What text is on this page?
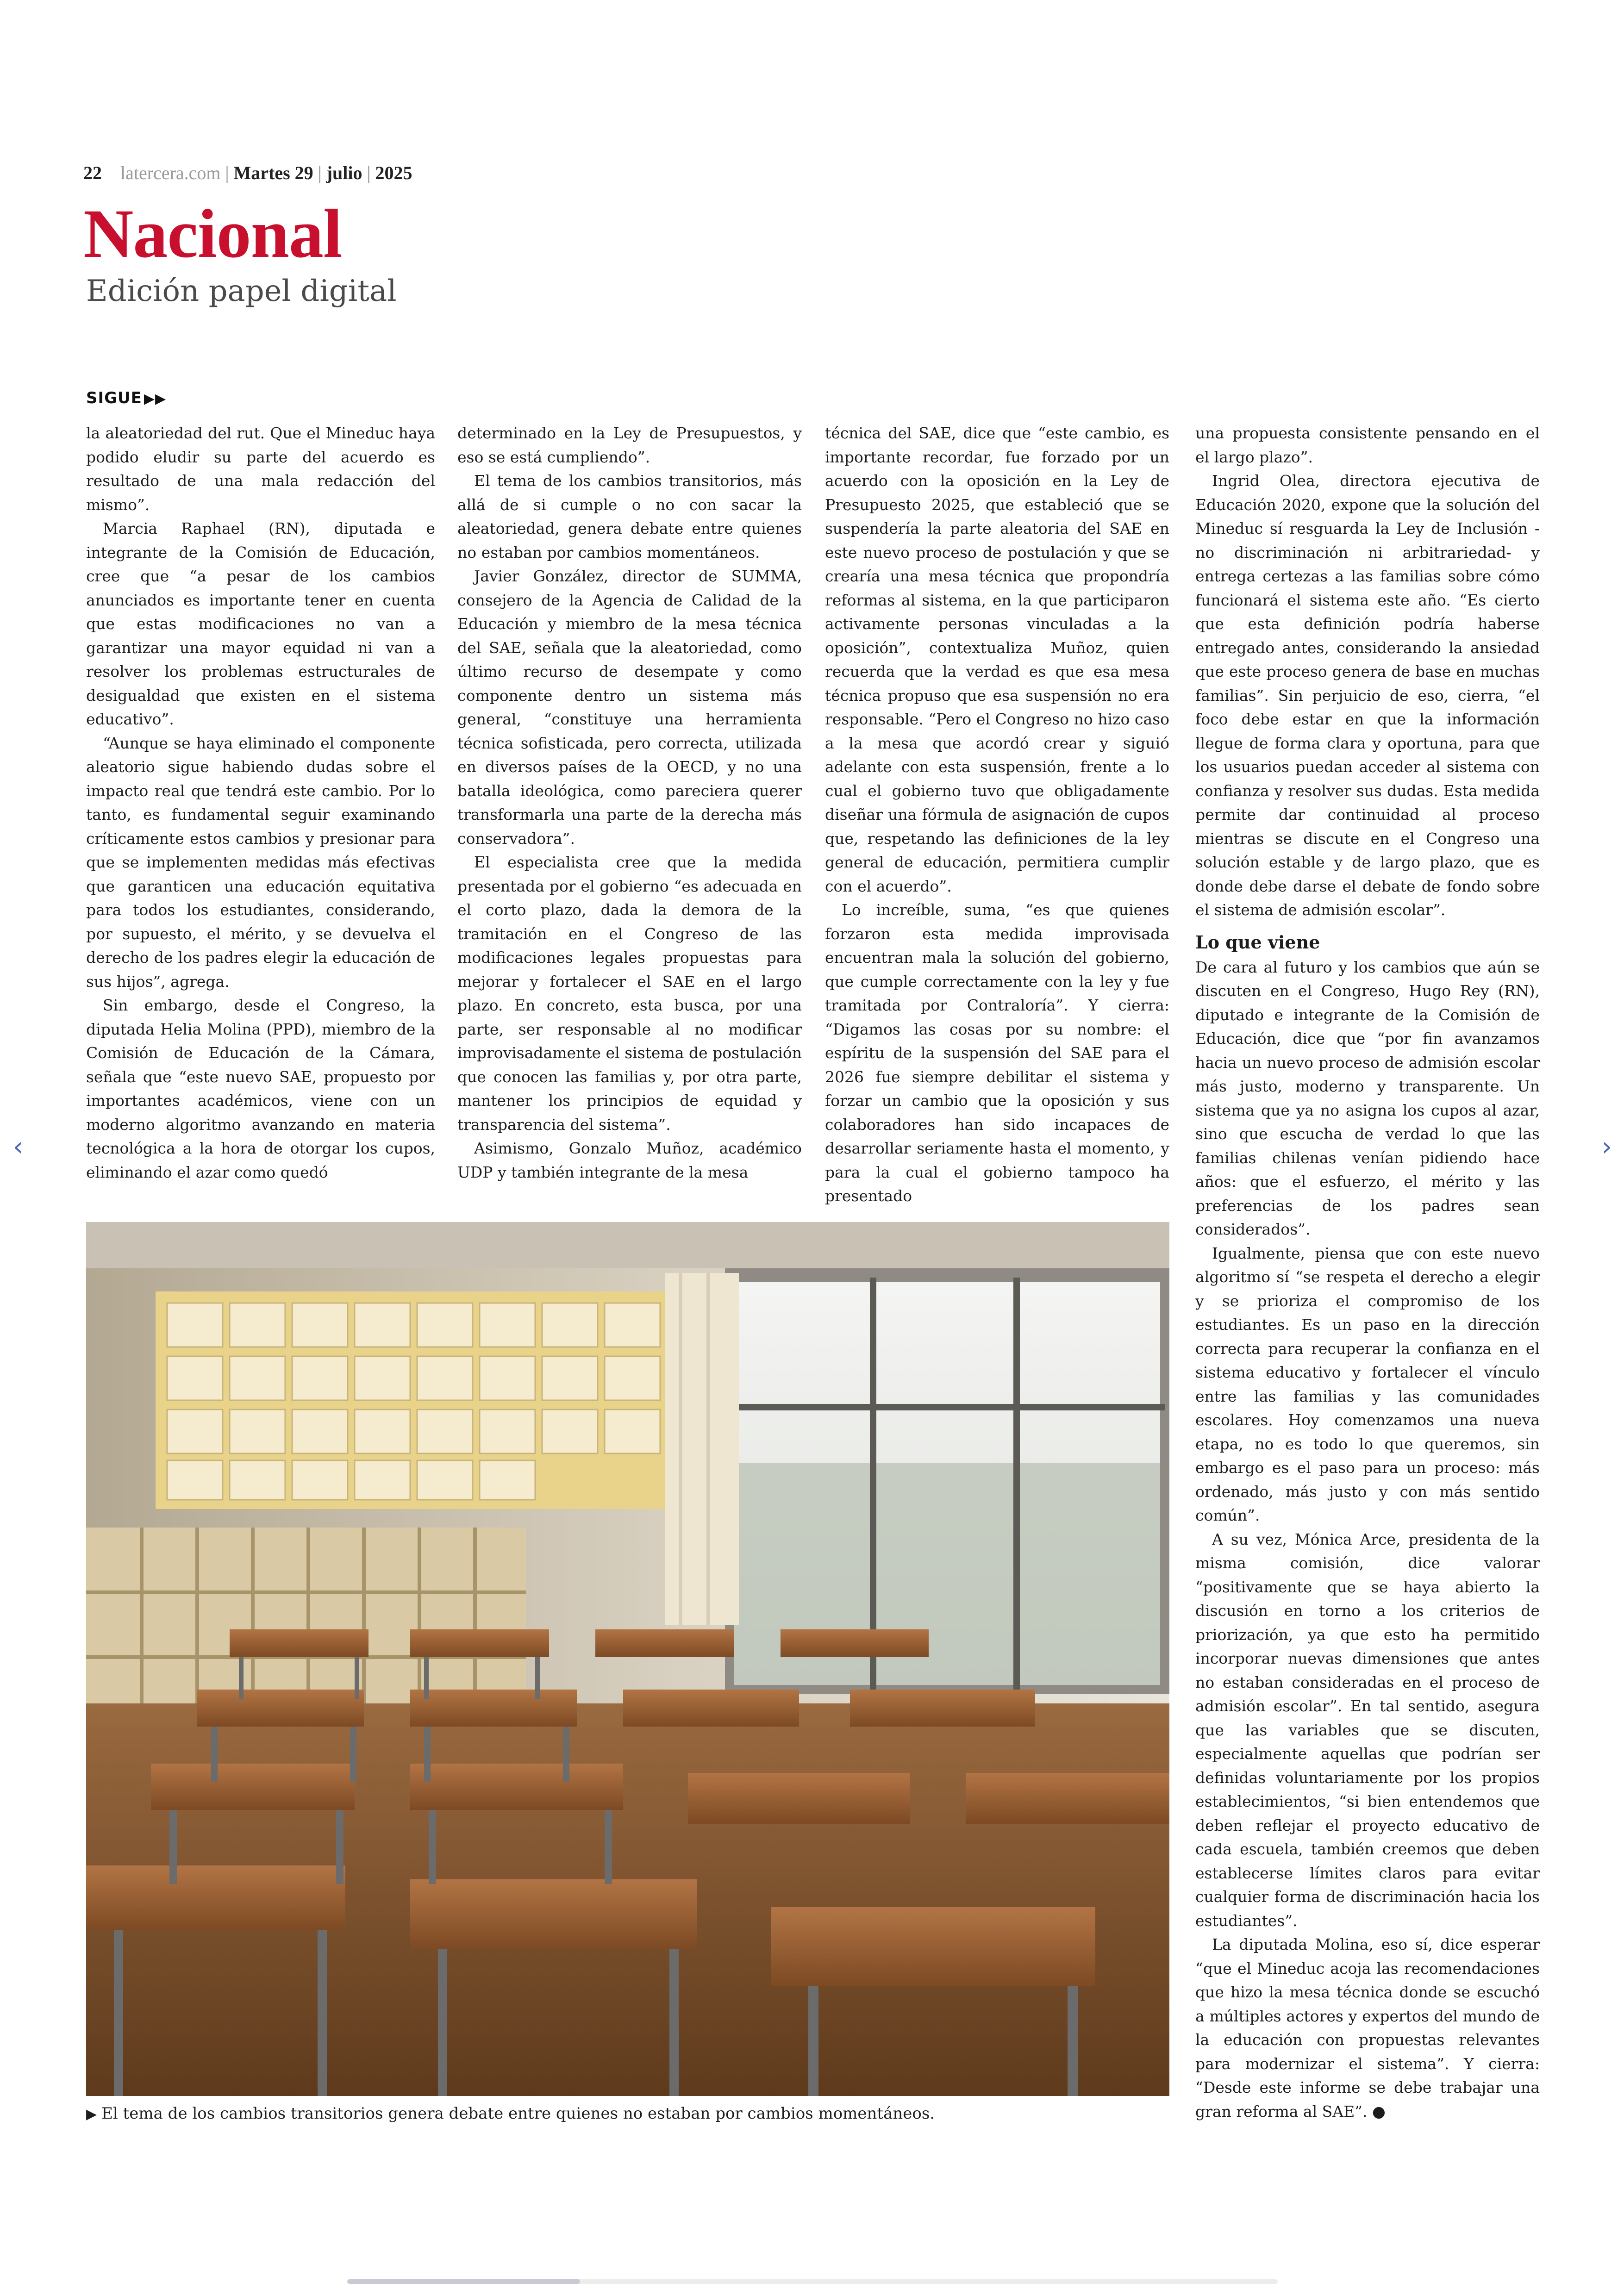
22 latercera.com | Martes 29 | julio | 2025
Nacional
Edición papel digital
SIGUE ▶▶

la aleatoriedad del rut. Que el Mineduc haya podido eludir su parte del acuerdo es resultado de una mala redacción del mismo”.

Marcia Raphael (RN), diputada e integrante de la Comisión de Educación, cree que “a pesar de los cambios anunciados es importante tener en cuenta que estas modificaciones no van a garantizar una mayor equidad ni van a resolver los problemas estructurales de desigualdad que existen en el sistema educativo”.

“Aunque se haya eliminado el componente aleatorio sigue habiendo dudas sobre el impacto real que tendrá este cambio. Por lo tanto, es fundamental seguir examinando críticamente estos cambios y presionar para que se implementen medidas más efectivas que garanticen una educación equitativa para todos los estudiantes, considerando, por supuesto, el mérito, y se devuelva el derecho de los padres elegir la educación de sus hijos”, agrega.

Sin embargo, desde el Congreso, la diputada Helia Molina (PPD), miembro de la Comisión de Educación de la Cámara, señala que “este nuevo SAE, propuesto por importantes académicos, viene con un moderno algoritmo avanzando en materia tecnológica a la hora de otorgar los cupos, eliminando el azar como quedó

determinado en la Ley de Presupuestos, y eso se está cumpliendo”.

El tema de los cambios transitorios, más allá de si cumple o no con sacar la aleatoriedad, genera debate entre quienes no estaban por cambios momentáneos.

Javier González, director de SUMMA, consejero de la Agencia de Calidad de la Educación y miembro de la mesa técnica del SAE, señala que la aleatoriedad, como último recurso de desempate y como componente dentro un sistema más general, “constituye una herramienta técnica sofisticada, pero correcta, utilizada en diversos países de la OECD, y no una batalla ideológica, como pareciera querer transformarla una parte de la derecha más conservadora”.

El especialista cree que la medida presentada por el gobierno “es adecuada en el corto plazo, dada la demora de la tramitación en el Congreso de las modificaciones legales propuestas para mejorar y fortalecer el SAE en el largo plazo. En concreto, esta busca, por una parte, ser responsable al no modificar improvisadamente el sistema de postulación que conocen las familias y, por otra parte, mantener los principios de equidad y transparencia del sistema”.

Asimismo, Gonzalo Muñoz, académico UDP y también integrante de la mesa

técnica del SAE, dice que “este cambio, es importante recordar, fue forzado por un acuerdo con la oposición en la Ley de Presupuesto 2025, que estableció que se suspendería la parte aleatoria del SAE en este nuevo proceso de postulación y que se crearía una mesa técnica que propondría reformas al sistema, en la que participaron activamente personas vinculadas a la oposición”, contextualiza Muñoz, quien recuerda que la verdad es que esa mesa técnica propuso que esa suspensión no era responsable. “Pero el Congreso no hizo caso a la mesa que acordó crear y siguió adelante con esta suspensión, frente a lo cual el gobierno tuvo que obligadamente diseñar una fórmula de asignación de cupos que, respetando las definiciones de la ley general de educación, permitiera cumplir con el acuerdo”.

Lo increíble, suma, “es que quienes forzaron esta medida improvisada encuentran mala la solución del gobierno, que cumple correctamente con la ley y fue tramitada por Contraloría”. Y cierra: “Digamos las cosas por su nombre: el espíritu de la suspensión del SAE para el 2026 fue siempre debilitar el sistema y forzar un cambio que la oposición y sus colaboradores han sido incapaces de desarrollar seriamente hasta el momento, y para la cual el gobierno tampoco ha presentado

una propuesta consistente pensando en el el largo plazo”.

Ingrid Olea, directora ejecutiva de Educación 2020, expone que la solución del Mineduc sí resguarda la Ley de Inclusión -no discriminación ni arbitrariedad- y entrega certezas a las familias sobre cómo funcionará el sistema este año. “Es cierto que esta definición podría haberse entregado antes, considerando la ansiedad que este proceso genera de base en muchas familias”. Sin perjuicio de eso, cierra, “el foco debe estar en que la información llegue de forma clara y oportuna, para que los usuarios puedan acceder al sistema con confianza y resolver sus dudas. Esta medida permite dar continuidad al proceso mientras se discute en el Congreso una solución estable y de largo plazo, que es donde debe darse el debate de fondo sobre el sistema de admisión escolar”.

Lo que viene

De cara al futuro y los cambios que aún se discuten en el Congreso, Hugo Rey (RN), diputado e integrante de la Comisión de Educación, dice que “por fin avanzamos hacia un nuevo proceso de admisión escolar más justo, moderno y transparente. Un sistema que ya no asigna los cupos al azar, sino que escucha de verdad lo que las familias chilenas venían pidiendo hace años: que el esfuerzo, el mérito y las preferencias de los padres sean considerados”.

Igualmente, piensa que con este nuevo algoritmo sí “se respeta el derecho a elegir y se prioriza el compromiso de los estudiantes. Es un paso en la dirección correcta para recuperar la confianza en el sistema educativo y fortalecer el vínculo entre las familias y las comunidades escolares. Hoy comenzamos una nueva etapa, no es todo lo que queremos, sin embargo es el paso para un proceso: más ordenado, más justo y con más sentido común”.

A su vez, Mónica Arce, presidenta de la misma comisión, dice valorar “positivamente que se haya abierto la discusión en torno a los criterios de priorización, ya que esto ha permitido incorporar nuevas dimensiones que antes no estaban consideradas en el proceso de admisión escolar”. En tal sentido, asegura que las variables que se discuten, especialmente aquellas que podrían ser definidas voluntariamente por los propios establecimientos, “si bien entendemos que deben reflejar el proyecto educativo de cada escuela, también creemos que deben establecerse límites claros para evitar cualquier forma de discriminación hacia los estudiantes”.

La diputada Molina, eso sí, dice esperar “que el Mineduc acoja las recomendaciones que hizo la mesa técnica donde se escuchó a múltiples actores y expertos del mundo de la educación con propuestas relevantes para modernizar el sistema”. Y cierra: “Desde este informe se debe trabajar una gran reforma al SAE”. ●

▶ El tema de los cambios transitorios genera debate entre quienes no estaban por cambios momentáneos.
‹	›
